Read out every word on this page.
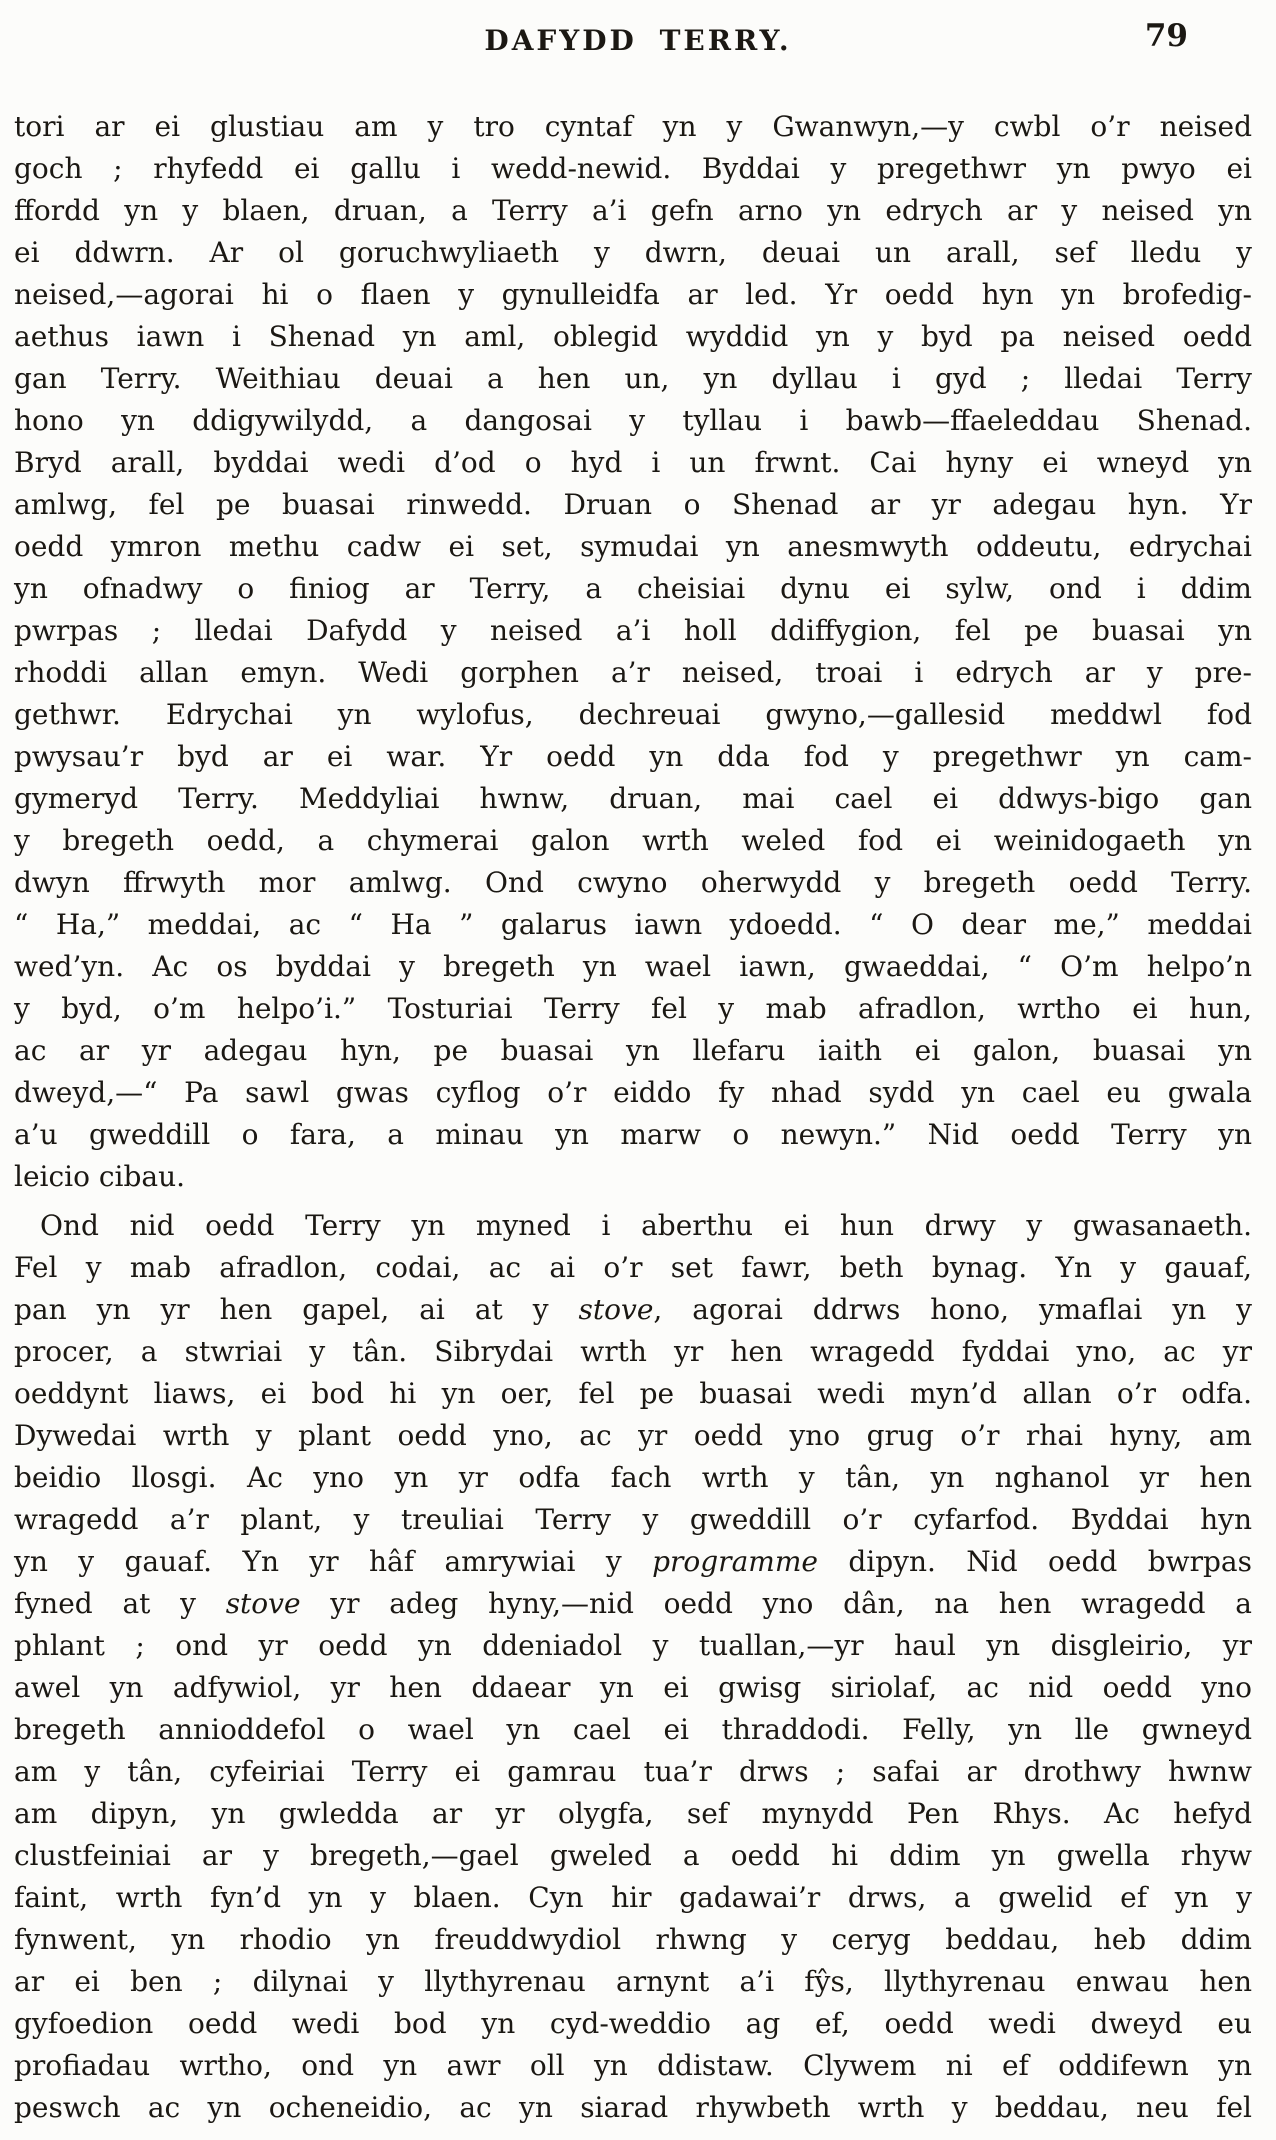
DAFYDD TERRY.	79
tori ar ei glustiau am y tro cyntaf yn y Gwanwyn,—y cwbl o’r neised
goch ; rhyfedd ei gallu i wedd-newid. Byddai y pregethwr yn pwyo ei
ffordd yn y blaen, druan, a Terry a’i gefn arno yn edrych ar y neised yn
ei ddwrn. Ar ol goruchwyliaeth y dwrn, deuai un arall, sef lledu y
neised,—agorai hi o flaen y gynulleidfa ar led. Yr oedd hyn yn brofedig-
aethus iawn i Shenad yn aml, oblegid wyddid yn y byd pa neised oedd
gan Terry. Weithiau deuai a hen un, yn dyllau i gyd ; lledai Terry
hono yn ddigywilydd, a dangosai y tyllau i bawb—ffaeleddau Shenad.
Bryd arall, byddai wedi d’od o hyd i un frwnt. Cai hyny ei wneyd yn
amlwg, fel pe buasai rinwedd. Druan o Shenad ar yr adegau hyn. Yr
oedd ymron methu cadw ei set, symudai yn anesmwyth oddeutu, edrychai
yn ofnadwy o finiog ar Terry, a cheisiai dynu ei sylw, ond i ddim
pwrpas ; lledai Dafydd y neised a’i holl ddiffygion, fel pe buasai yn
rhoddi allan emyn. Wedi gorphen a’r neised, troai i edrych ar y pre-
gethwr. Edrychai yn wylofus, dechreuai gwyno,—gallesid meddwl fod
pwysau’r byd ar ei war. Yr oedd yn dda fod y pregethwr yn cam-
gymeryd Terry. Meddyliai hwnw, druan, mai cael ei ddwys-bigo gan
y bregeth oedd, a chymerai galon wrth weled fod ei weinidogaeth yn
dwyn ffrwyth mor amlwg. Ond cwyno oherwydd y bregeth oedd Terry.
“ Ha,” meddai, ac “ Ha ” galarus iawn ydoedd. “ O dear me,” meddai
wed’yn. Ac os byddai y bregeth yn wael iawn, gwaeddai, “ O’m helpo’n
y byd, o’m helpo’i.” Tosturiai Terry fel y mab afradlon, wrtho ei hun,
ac ar yr adegau hyn, pe buasai yn llefaru iaith ei galon, buasai yn
dweyd,—“ Pa sawl gwas cyflog o’r eiddo fy nhad sydd yn cael eu gwala
a’u gweddill o fara, a minau yn marw o newyn.” Nid oedd Terry yn
leicio cibau.
Ond nid oedd Terry yn myned i aberthu ei hun drwy y gwasanaeth.
Fel y mab afradlon, codai, ac ai o’r set fawr, beth bynag. Yn y gauaf,
pan yn yr hen gapel, ai at y stove, agorai ddrws hono, ymaflai yn y
procer, a stwriai y tân. Sibrydai wrth yr hen wragedd fyddai yno, ac yr
oeddynt liaws, ei bod hi yn oer, fel pe buasai wedi myn’d allan o’r odfa.
Dywedai wrth y plant oedd yno, ac yr oedd yno grug o’r rhai hyny, am
beidio llosgi. Ac yno yn yr odfa fach wrth y tân, yn nghanol yr hen
wragedd a’r plant, y treuliai Terry y gweddill o’r cyfarfod. Byddai hyn
yn y gauaf. Yn yr hâf amrywiai y programme dipyn. Nid oedd bwrpas
fyned at y stove yr adeg hyny,—nid oedd yno dân, na hen wragedd a
phlant ; ond yr oedd yn ddeniadol y tuallan,—yr haul yn disgleirio, yr
awel yn adfywiol, yr hen ddaear yn ei gwisg siriolaf, ac nid oedd yno
bregeth annioddefol o wael yn cael ei thraddodi. Felly, yn lle gwneyd
am y tân, cyfeiriai Terry ei gamrau tua’r drws ; safai ar drothwy hwnw
am dipyn, yn gwledda ar yr olygfa, sef mynydd Pen Rhys. Ac hefyd
clustfeiniai ar y bregeth,—gael gweled a oedd hi ddim yn gwella rhyw
faint, wrth fyn’d yn y blaen. Cyn hir gadawai’r drws, a gwelid ef yn y
fynwent, yn rhodio yn freuddwydiol rhwng y ceryg beddau, heb ddim
ar ei ben ; dilynai y llythyrenau arnynt a’i fŷs, llythyrenau enwau hen
gyfoedion oedd wedi bod yn cyd-weddio ag ef, oedd wedi dweyd eu
profiadau wrtho, ond yn awr oll yn ddistaw. Clywem ni ef oddifewn yn
peswch ac yn ocheneidio, ac yn siarad rhywbeth wrth y beddau, neu fel
